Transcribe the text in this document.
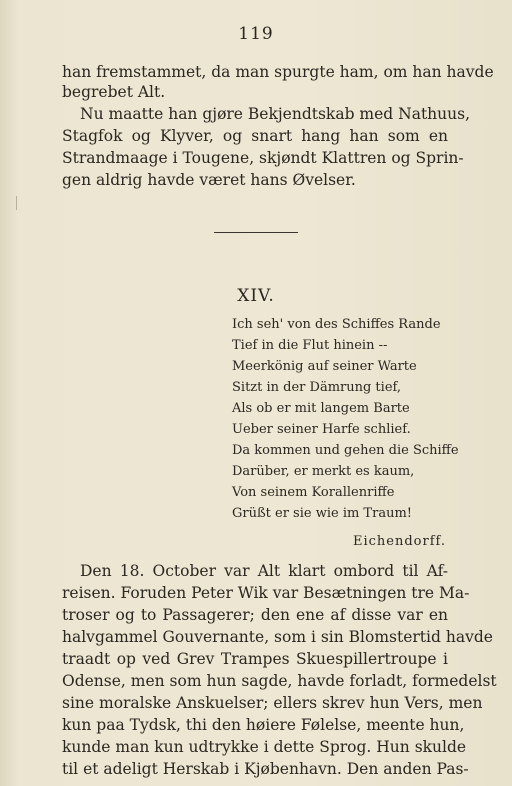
119
han fremstammet, da man spurgte ham, om han havde
begrebet Alt.
Nu maatte han gjøre Bekjendtskab med Nathuus,
Stagfok og Klyver, og snart hang han som en
Strandmaage i Tougene, skjøndt Klattren og Sprin-
gen aldrig havde været hans Øvelser.
XIV.
Ich seh' von des Schiffes Rande
Tief in die Flut hinein --
Meerkönig auf seiner Warte
Sitzt in der Dämrung tief,
Als ob er mit langem Barte
Ueber seiner Harfe schlief.
Da kommen und gehen die Schiffe
Darüber, er merkt es kaum,
Von seinem Korallenriffe
Grüßt er sie wie im Traum!
Eichendorff.
Den 18. October var Alt klart ombord til Af-
reisen. Foruden Peter Wik var Besætningen tre Ma-
troser og to Passagerer; den ene af disse var en
halvgammel Gouvernante, som i sin Blomstertid havde
traadt op ved Grev Trampes Skuespillertroupe i
Odense, men som hun sagde, havde forladt, formedelst
sine moralske Anskuelser; ellers skrev hun Vers, men
kun paa Tydsk, thi den høiere Følelse, meente hun,
kunde man kun udtrykke i dette Sprog. Hun skulde
til et adeligt Herskab i Kjøbenhavn. Den anden Pas-
